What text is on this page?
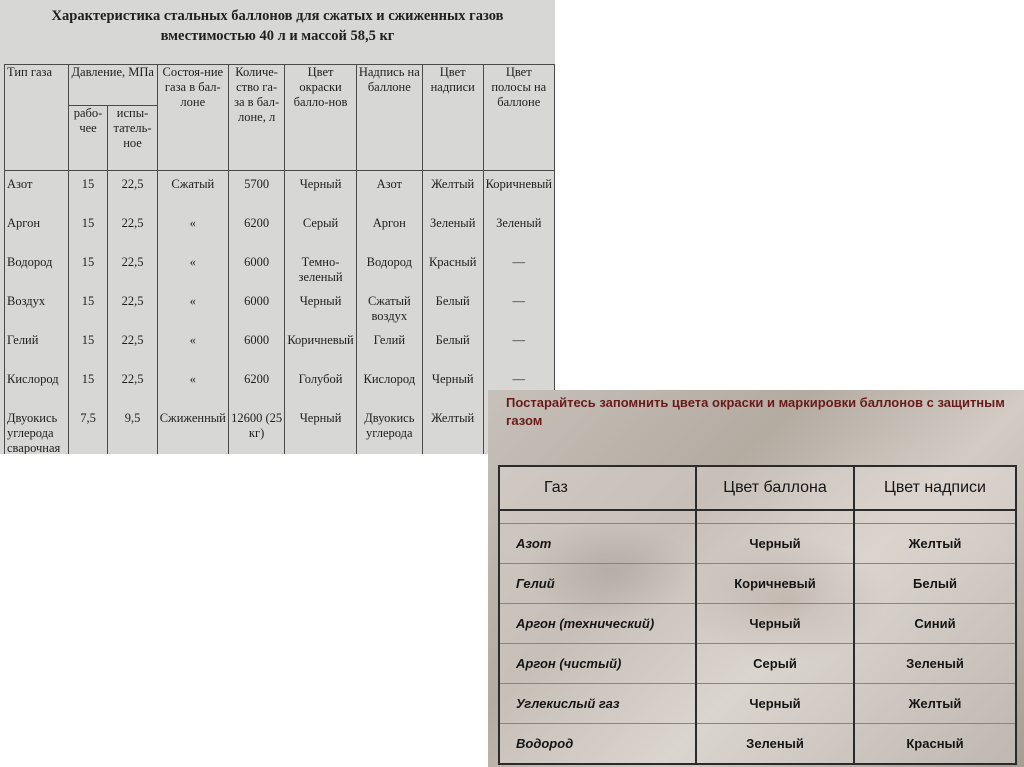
Характеристика стальных баллонов для сжатых и сжиженных газов
вместимостью 40 л и массой 58,5 кг
Тип газа	Давление, МПа		Состоя-ние газа в бал-лоне	Количе-ство га-за в бал-лоне, л	Цвет окраски балло-нов	Надпись на баллоне	Цвет надписи	Цвет полосы на баллоне
	рабо-чее	испы-татель-ное						
Азот	15	22,5	Сжатый	5700	Черный	Азот	Желтый	Коричневый
Аргон	15	22,5	«	6200	Серый	Аргон	Зеленый	Зеленый
Водород	15	22,5	«	6000	Темно-зеленый	Водород	Красный	—
Воздух	15	22,5	«	6000	Черный	Сжатый воздух	Белый	—
Гелий	15	22,5	«	6000	Коричневый	Гелий	Белый	—
Кислород	15	22,5	«	6200	Голубой	Кислород	Черный	—
Двуокись углерода сварочная	7,5	9,5	Сжиженный	12600 (25 кг)	Черный	Двуокись углерода	Желтый	
Постарайтесь запомнить цвета окраски и маркировки баллонов с защитным газом
Газ	Цвет баллона	Цвет надписи

Азот	Черный	Желтый
Гелий	Коричневый	Белый
Аргон (технический)	Черный	Синий
Аргон (чистый)	Серый	Зеленый
Углекислый газ	Черный	Желтый
Водород	Зеленый	Красный
